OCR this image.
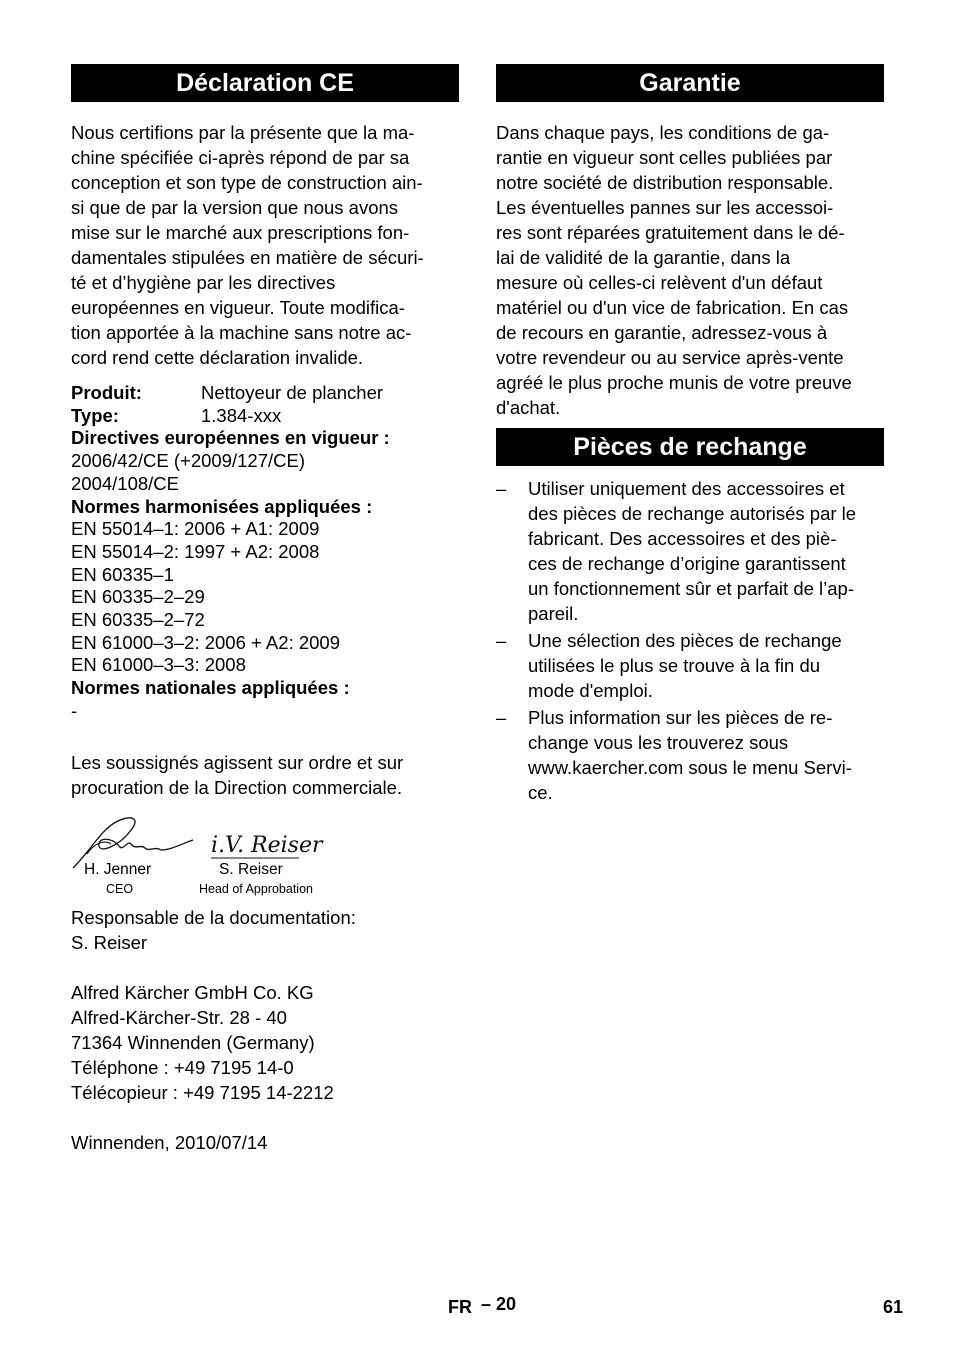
Déclaration CE

Nous certifions par la présente que la ma-
chine spécifiée ci-après répond de par sa
conception et son type de construction ain-
si que de par la version que nous avons
mise sur le marché aux prescriptions fon-
damentales stipulées en matière de sécuri-
té et d’hygiène par les directives
européennes en vigueur. Toute modifica-
tion apportée à la machine sans notre ac-
cord rend cette déclaration invalide.

Produit:	Nettoyeur de plancher
Type:	1.384-xxx
Directives européennes en vigueur :
2006/42/CE (+2009/127/CE)
2004/108/CE
Normes harmonisées appliquées :
EN 55014–1: 2006 + A1: 2009
EN 55014–2: 1997 + A2: 2008
EN 60335–1
EN 60335–2–29
EN 60335–2–72
EN 61000–3–2: 2006 + A2: 2009
EN 61000–3–3: 2008
Normes nationales appliquées :
-

Les soussignés agissent sur ordre et sur
procuration de la Direction commerciale.

i.V. Reiser
H. Jenner
CEO
S. Reiser
Head of Approbation

Responsable de la documentation:
S. Reiser

Alfred Kärcher GmbH Co. KG
Alfred-Kärcher-Str. 28 - 40
71364 Winnenden (Germany)
Téléphone : +49 7195 14-0
Télécopieur : +49 7195 14-2212

Winnenden, 2010/07/14

Garantie

Dans chaque pays, les conditions de ga-
rantie en vigueur sont celles publiées par
notre société de distribution responsable.
Les éventuelles pannes sur les accessoi-
res sont réparées gratuitement dans le dé-
lai de validité de la garantie, dans la
mesure où celles-ci relèvent d'un défaut
matériel ou d'un vice de fabrication. En cas
de recours en garantie, adressez-vous à
votre revendeur ou au service après-vente
agréé le plus proche munis de votre preuve
d'achat.

Pièces de rechange
– Utiliser uniquement des accessoires et
des pièces de rechange autorisés par le
fabricant. Des accessoires et des piè-
ces de rechange d’origine garantissent
un fonctionnement sûr et parfait de l’ap-
pareil.
– Une sélection des pièces de rechange
utilisées le plus se trouve à la fin du
mode d'emploi.
– Plus information sur les pièces de re-
change vous les trouverez sous
www.kaercher.com sous le menu Servi-
ce.
FR – 20	61
